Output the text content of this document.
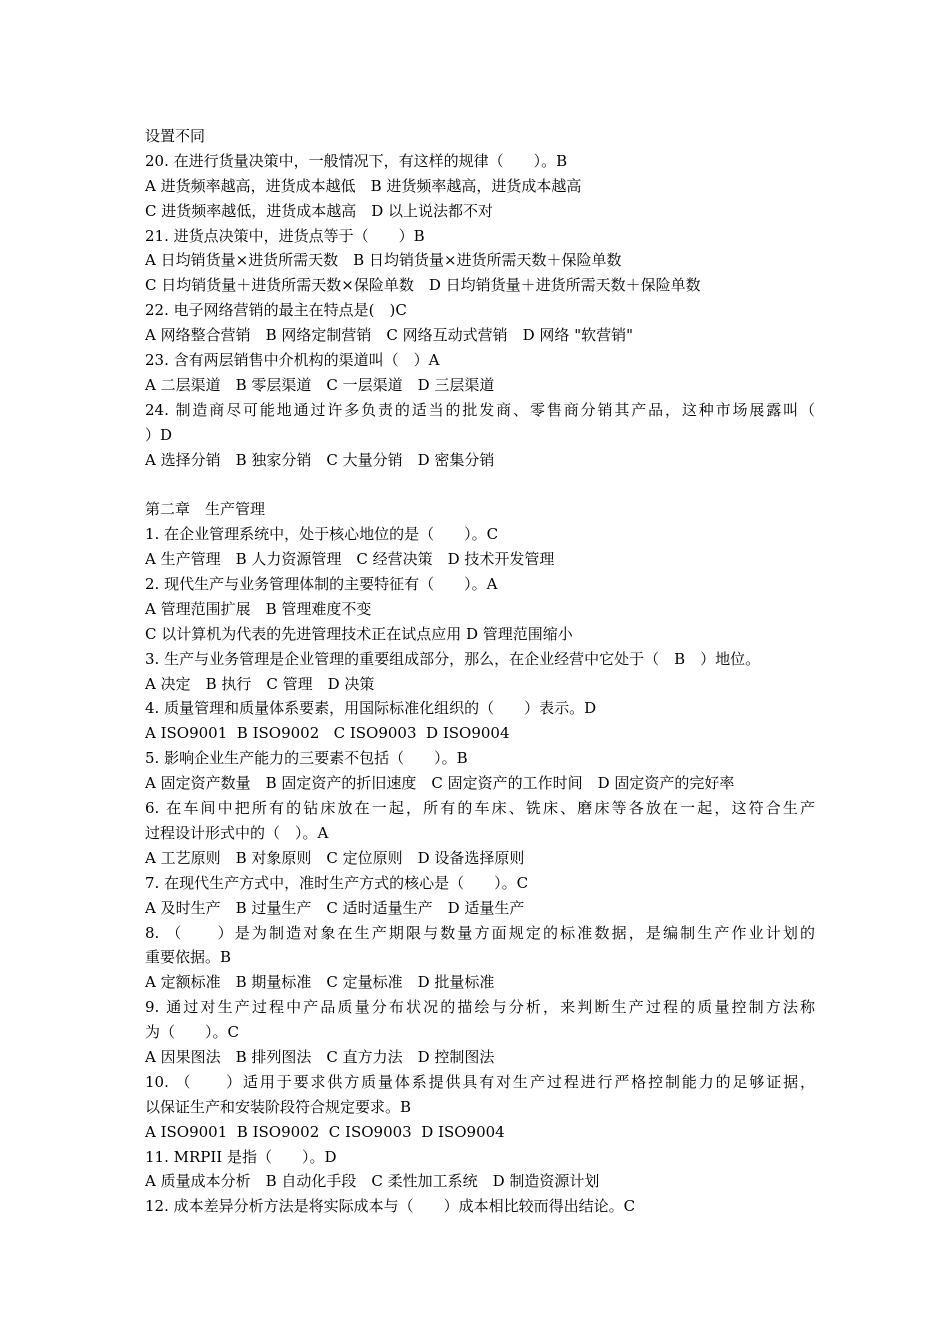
设置不同
20. 在进行货量决策中，一般情况下，有这样的规律（　　）。B
A 进货频率越高，进货成本越低　B 进货频率越高，进货成本越高
C 进货频率越低，进货成本越高　D 以上说法都不对
21. 进货点决策中，进货点等于（　　）B
A 日均销货量×进货所需天数　B 日均销货量×进货所需天数＋保险单数
C 日均销货量＋进货所需天数×保险单数　D 日均销货量＋进货所需天数＋保险单数
22. 电子网络营销的最主在特点是(　)C
A 网络整合营销　B 网络定制营销　C 网络互动式营销　D 网络 "软营销"
23. 含有两层销售中介机构的渠道叫（　）A
A 二层渠道　B 零层渠道　C 一层渠道　D 三层渠道
24. 制造商尽可能地通过许多负责的适当的批发商、零售商分销其产品，这种市场展露叫（
）D
A 选择分销　B 独家分销　C 大量分销　D 密集分销
第二章　生产管理
1. 在企业管理系统中，处于核心地位的是（　　）。C
A 生产管理　B 人力资源管理　C 经营决策　D 技术开发管理
2. 现代生产与业务管理体制的主要特征有（　　）。A
A 管理范围扩展　B 管理难度不变
C 以计算机为代表的先进管理技术正在试点应用 D 管理范围缩小
3. 生产与业务管理是企业管理的重要组成部分，那么，在企业经营中它处于（　B　）地位。
A 决定　B 执行　C 管理　D 决策
4. 质量管理和质量体系要素，用国际标准化组织的（　　）表示。D
A ISO9001  B ISO9002   C ISO9003  D ISO9004
5. 影响企业生产能力的三要素不包括（　　）。B
A 固定资产数量　B 固定资产的折旧速度　C 固定资产的工作时间　D 固定资产的完好率
6. 在车间中把所有的钻床放在一起，所有的车床、铣床、磨床等各放在一起，这符合生产
过程设计形式中的（　）。A
A 工艺原则　B 对象原则　C 定位原则　D 设备选择原则
7. 在现代生产方式中，准时生产方式的核心是（　　）。C
A 及时生产　B 过量生产　C 适时适量生产　D 适量生产
8. （　　）是为制造对象在生产期限与数量方面规定的标准数据，是编制生产作业计划的
重要依据。B
A 定额标准　B 期量标准　C 定量标准　D 批量标准
9. 通过对生产过程中产品质量分布状况的描绘与分析，来判断生产过程的质量控制方法称
为（　　）。C
A 因果图法　B 排列图法　C 直方力法　D 控制图法
10. （　　）适用于要求供方质量体系提供具有对生产过程进行严格控制能力的足够证据，
以保证生产和安装阶段符合规定要求。B
A ISO9001  B ISO9002  C ISO9003  D ISO9004
11. MRPII 是指（　　）。D
A 质量成本分析　B 自动化手段　C 柔性加工系统　D 制造资源计划
12. 成本差异分析方法是将实际成本与（　　）成本相比较而得出结论。C
